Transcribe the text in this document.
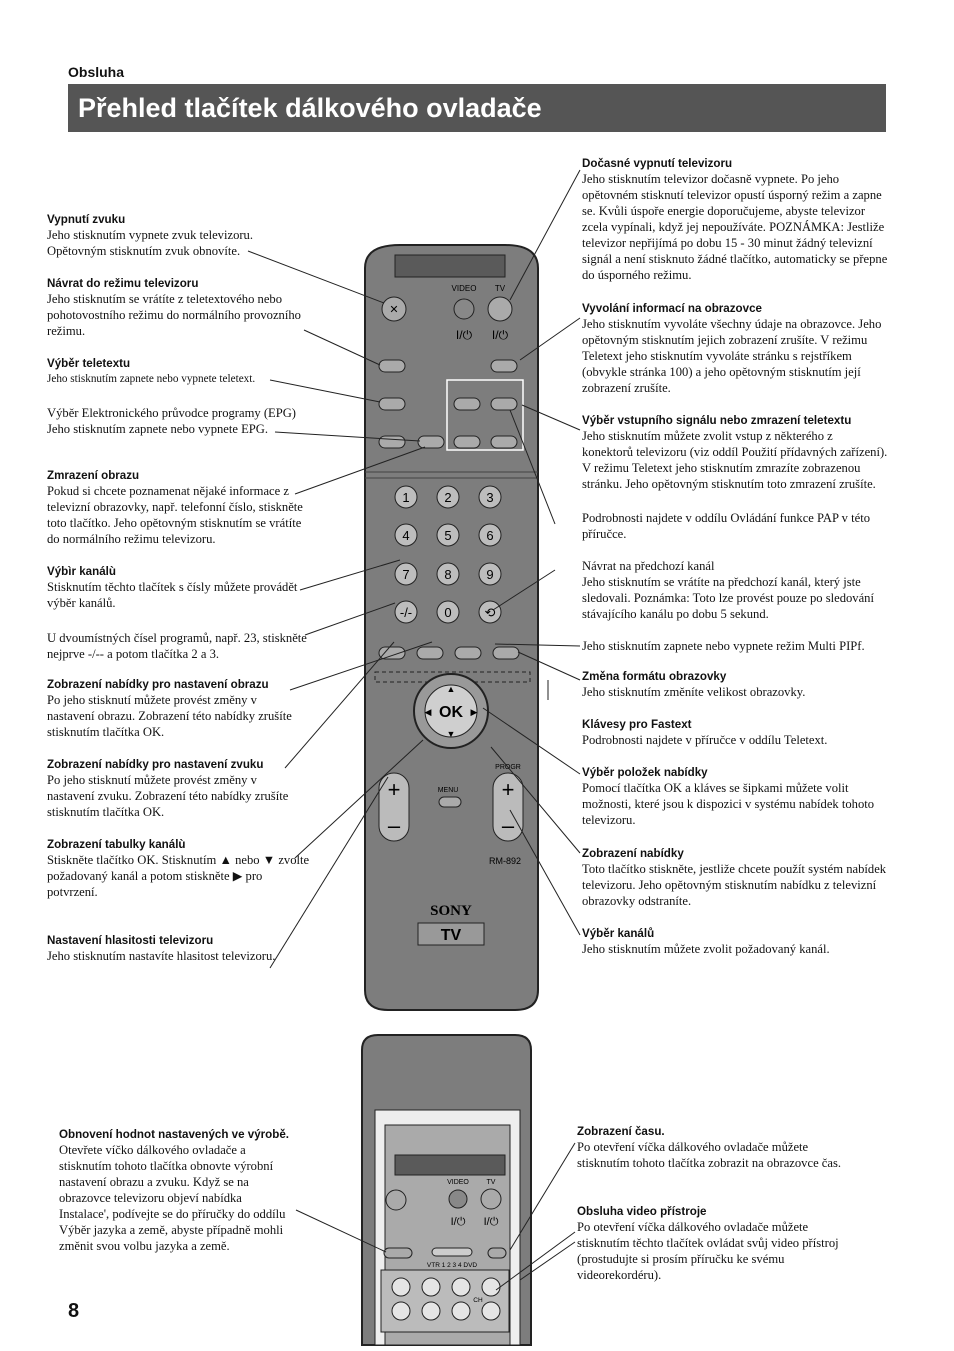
Obsluha
Přehled tlačítek dálkového ovladače
Vypnutí zvuku
Jeho stisknutím vypnete zvuk televizoru.
Opětovným stisknutím zvuk obnovíte.
Návrat do režimu televizoru
Jeho stisknutím se vrátíte z teletextového nebo
pohotovostního režimu do normálního provozního
režimu.
Výběr teletextu
Jeho stisknutím zapnete nebo vypnete teletext.
Výběr Elektronického průvodce programy (EPG)
Jeho stisknutím zapnete nebo vypnete EPG.
Zmrazení obrazu
Pokud si chcete poznamenat nějaké informace z
televizní obrazovky, např. telefonní číslo, stiskněte
toto tlačítko. Jeho opětovným stisknutím se vrátíte
do normálního režimu televizoru.
Výbìr kanálù
Stisknutím těchto tlačítek s čísly můžete provádět
výběr kanálů.
U dvoumístných čísel programů, např. 23, stiskněte
nejprve -/-- a potom tlačítka 2 a 3.
Zobrazení nabídky pro nastavení obrazu
Po jeho stisknutí můžete provést změny v
nastavení obrazu. Zobrazení této nabídky zrušíte
stisknutím tlačítka OK.
Zobrazení nabídky pro nastavení zvuku
Po jeho stisknutí můžete provést změny v
nastavení zvuku. Zobrazení této nabídky zrušíte
stisknutím tlačítka OK.
Zobrazení tabulky kanálù
Stiskněte tlačítko OK. Stisknutím ▲ nebo ▼ zvolte
požadovaný kanál a potom stiskněte ▶ pro
potvrzení.
Nastavení hlasitosti televizoru
Jeho stisknutím nastavíte hlasitost televizoru.
Dočasné vypnutí televizoru
Jeho stisknutím televizor dočasně vypnete. Po jeho
opětovném stisknutí televizor opustí úsporný režim a zapne
se. Kvůli úspoře energie doporučujeme, abyste televizor
zcela vypínali, když jej nepoužíváte. POZNÁMKA: Jestliže
televizor nepřijímá po dobu 15 - 30 minut žádný televizní
signál a není stisknuto žádné tlačítko, automaticky se přepne
do úsporného režimu.
Vyvolání informací na obrazovce
Jeho stisknutím vyvoláte všechny údaje na obrazovce. Jeho
opětovným stisknutím jejich zobrazení zrušíte. V režimu
Teletext jeho stisknutím vyvoláte stránku s rejstříkem
(obvykle stránka 100) a jeho opětovným stisknutím její
zobrazení zrušíte.
Výběr vstupního signálu nebo zmrazení teletextu
Jeho stisknutím můžete zvolit vstup z některého z
konektorů televizoru (viz oddíl Použití přídavných zařízení).
V režimu Teletext jeho stisknutím zmrazíte zobrazenou
stránku. Jeho opětovným stisknutím toto zmrazení zrušíte.
Podrobnosti najdete v oddílu Ovládání funkce PAP v této
příručce.
Návrat na předchozí kanál
Jeho stisknutím se vrátíte na předchozí kanál, který jste
sledovali. Poznámka: Toto lze provést pouze po sledování
stávajícího kanálu po dobu 5 sekund.
Jeho stisknutím zapnete nebo vypnete režim Multi PIPf.
Změna formátu obrazovky
Jeho stisknutím změníte velikost obrazovky.
Klávesy pro Fastext
Podrobnosti najdete v příručce v oddílu Teletext.
Výběr položek nabídky
Pomocí tlačítka OK a kláves se šipkami můžete volit
možnosti, které jsou k dispozici v systému nabídek tohoto
televizoru.
Zobrazení nabídky
Toto tlačítko stiskněte, jestliže chcete použít systém nabídek
televizoru. Jeho opětovným stisknutím nabídku z televizní
obrazovky odstraníte.
Výběr kanálů
Jeho stisknutím můžete zvolit požadovaný kanál.
Obnovení hodnot nastavených ve výrobě.
Otevřete víčko dálkového ovladače a
stisknutím tohoto tlačítka obnovte výrobní
nastavení obrazu a zvuku. Když se na
obrazovce televizoru objeví nabídka
Instalace', podívejte se do příručky do oddílu
Výběr jazyka a země, abyste případně mohli
změnit svou volbu jazyka a země.
Zobrazení času.
Po otevření víčka dálkového ovladače můžete
stisknutím tohoto tlačítka zobrazit na obrazovce čas.
Obsluha video přístroje
Po otevření víčka dálkového ovladače můžete
stisknutím těchto tlačítek ovládat svůj video přístroj
(prostudujte si prosím příručku ke svému
videorekordéru).
8
✕
VIDEO TV
I/⏻ I/⏻
1	2	3
4	5	6
7	8	9
-/- 0	⟲
OK
▲
▼
◀	▶
+
–
+
–
PROGR
MENU
RM-892
SONY
TV
VIDEO	TV
I/⏻ I/⏻
VTR 1 2 3 4 DVD
CH
